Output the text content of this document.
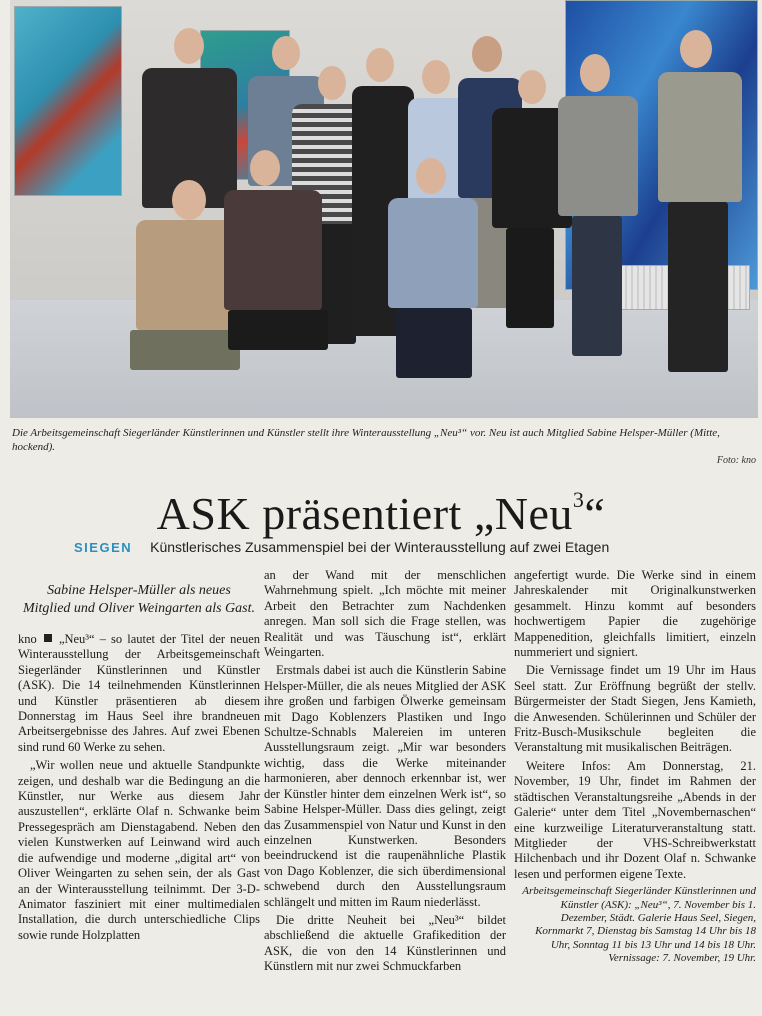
Die Arbeitsgemeinschaft Siegerländer Künstlerinnen und Künstler stellt ihre Winterausstellung „Neu³“ vor. Neu ist auch Mitglied Sabine Helsper-Müller (Mitte, hockend).
Foto: kno
ASK präsentiert „Neu$^3$“
SIEGEN Künstlerisches Zusammenspiel bei der Winterausstellung auf zwei Etagen
Sabine Helsper-Müller als neues Mitglied und Oliver Weingarten als Gast.

kno „Neu³“ – so lautet der Titel der neuen Winterausstellung der Arbeitsgemeinschaft Siegerländer Künstlerinnen und Künstler (ASK). Die 14 teilnehmenden Künstlerinnen und Künstler präsentieren ab diesem Donnerstag im Haus Seel ihre brandneuen Arbeitsergebnisse des Jahres. Auf zwei Ebenen sind rund 60 Werke zu sehen.

„Wir wollen neue und aktuelle Standpunkte zeigen, und deshalb war die Bedingung an die Künstler, nur Werke aus diesem Jahr auszustellen“, erklärte Olaf n. Schwanke beim Pressegespräch am Dienstagabend. Neben den vielen Kunstwerken auf Leinwand wird auch die aufwendige und moderne „digital art“ von Oliver Weingarten zu sehen sein, der als Gast an der Winterausstellung teilnimmt. Der 3-D-Animator fasziniert mit einer multimedialen Installation, die durch unterschiedliche Clips sowie runde Holzplatten

an der Wand mit der menschlichen Wahrnehmung spielt. „Ich möchte mit meiner Arbeit den Betrachter zum Nachdenken anregen. Man soll sich die Frage stellen, was Realität und was Täuschung ist“, erklärt Weingarten.

Erstmals dabei ist auch die Künstlerin Sabine Helsper-Müller, die als neues Mitglied der ASK ihre großen und farbigen Ölwerke gemeinsam mit Dago Koblenzers Plastiken und Ingo Schultze-Schnabls Malereien im unteren Ausstellungsraum zeigt. „Mir war besonders wichtig, dass die Werke miteinander harmonieren, aber dennoch erkennbar ist, wer der Künstler hinter dem einzelnen Werk ist“, so Sabine Helsper-Müller. Dass dies gelingt, zeigt das Zusammenspiel von Natur und Kunst in den einzelnen Kunstwerken. Besonders beeindruckend ist die raupenähnliche Plastik von Dago Koblenzer, die sich überdimensional schwebend durch den Ausstellungsraum schlängelt und mitten im Raum niederlässt.

Die dritte Neuheit bei „Neu³“ bildet abschließend die aktuelle Grafikedition der ASK, die von den 14 Künstlerinnen und Künstlern mit nur zwei Schmuckfarben

angefertigt wurde. Die Werke sind in einem Jahreskalender mit Originalkunstwerken gesammelt. Hinzu kommt auf besonders hochwertigem Papier die zugehörige Mappenedition, gleichfalls limitiert, einzeln nummeriert und signiert.

Die Vernissage findet um 19 Uhr im Haus Seel statt. Zur Eröffnung begrüßt der stellv. Bürgermeister der Stadt Siegen, Jens Kamieth, die Anwesenden. Schülerinnen und Schüler der Fritz-Busch-Musikschule begleiten die Veranstaltung mit musikalischen Beiträgen.

Weitere Infos: Am Donnerstag, 21. November, 19 Uhr, findet im Rahmen der städtischen Veranstaltungsreihe „Abends in der Galerie“ unter dem Titel „Novembernaschen“ eine kurzweilige Literaturveranstaltung statt. Mitglieder der VHS-Schreibwerkstatt Hilchenbach und ihr Dozent Olaf n. Schwanke lesen und performen eigene Texte.

Arbeitsgemeinschaft Siegerländer Künstlerinnen und Künstler (ASK): „Neu³“, 7. November bis 1. Dezember, Städt. Galerie Haus Seel, Siegen, Kornmarkt 7, Dienstag bis Samstag 14 Uhr bis 18 Uhr, Sonntag 11 bis 13 Uhr und 14 bis 18 Uhr. Vernissage: 7. November, 19 Uhr.
